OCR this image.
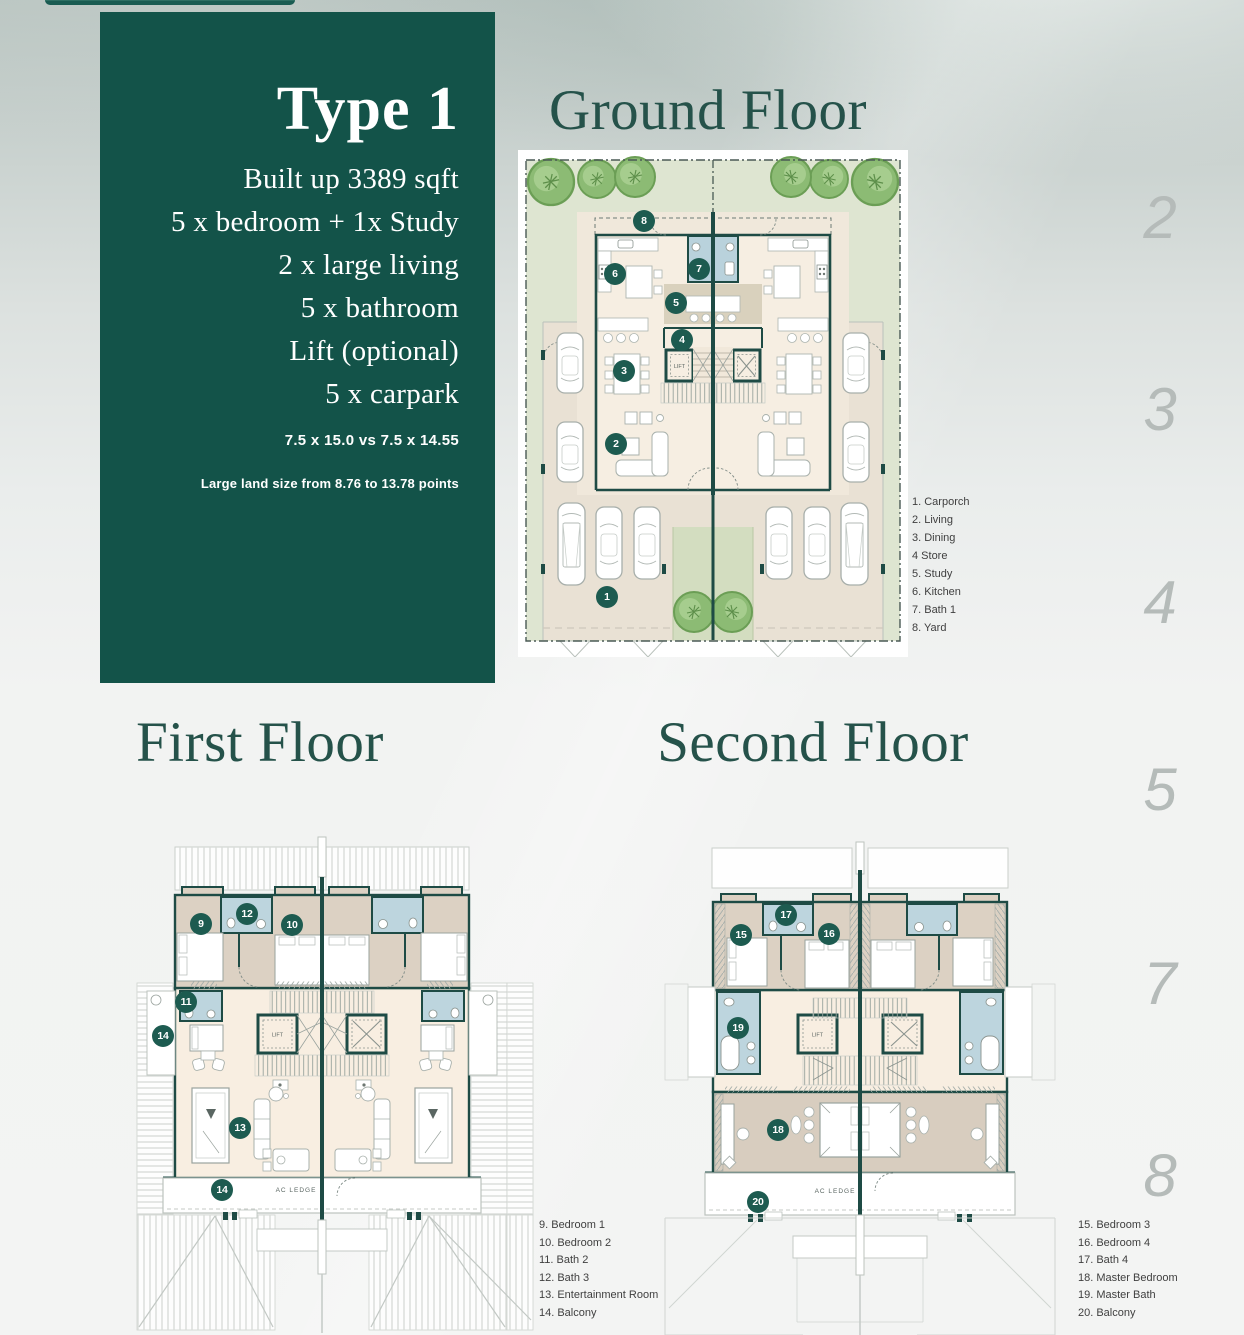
Type 1
Built up 3389 sqft
5 x bedroom + 1x Study
2 x large living
5 x bathroom
Lift (optional)
5 x carpark
7.5 x 15.0 vs 7.5 x 14.55
Large land size from 8.76 to 13.78 points
Ground Floor
First Floor	Second Floor
LIFT
1
2
3
4
5
6	7
8
LIFT
AC LEDGE
9	10
11
12
13
14
14
LIFT
AC LEDGE
15	16
17
18
19
20
1. Carporch
2. Living
3. Dining
4 Store
5. Study
6. Kitchen
7. Bath 1
8. Yard
9. Bedroom 1
10. Bedroom 2
11. Bath 2
12. Bath 3
13. Entertainment Room
14. Balcony
15. Bedroom 3
16. Bedroom 4
17. Bath 4
18. Master Bedroom
19. Master Bath
20. Balcony
2
3
4
5
7
8
